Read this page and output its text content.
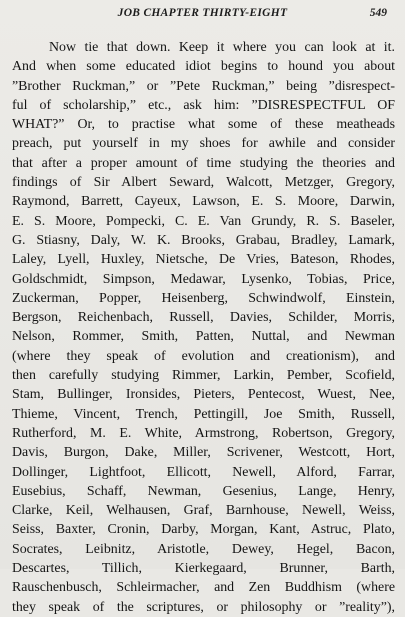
JOB CHAPTER THIRTY-EIGHT	549
Now tie that down. Keep it where you can look at it.
And when some educated idiot begins to hound you about
”Brother Ruckman,” or ”Pete Ruckman,” being ”disrespect-
ful of scholarship,” etc., ask him: ”DISRESPECTFUL OF
WHAT?” Or, to practise what some of these meatheads
preach, put yourself in my shoes for awhile and consider
that after a proper amount of time studying the theories and
findings of Sir Albert Seward, Walcott, Metzger, Gregory,
Raymond, Barrett, Cayeux, Lawson, E. S. Moore, Darwin,
E. S. Moore, Pompecki, C. E. Van Grundy, R. S. Baseler,
G. Stiasny, Daly, W. K. Brooks, Grabau, Bradley, Lamark,
Laley, Lyell, Huxley, Nietsche, De Vries, Bateson, Rhodes,
Goldschmidt, Simpson, Medawar, Lysenko, Tobias, Price,
Zuckerman, Popper, Heisenberg, Schwindwolf, Einstein,
Bergson, Reichenbach, Russell, Davies, Schilder, Morris,
Nelson, Rommer, Smith, Patten, Nuttal, and Newman
(where they speak of evolution and creationism), and
then carefully studying Rimmer, Larkin, Pember, Scofield,
Stam, Bullinger, Ironsides, Pieters, Pentecost, Wuest, Nee,
Thieme, Vincent, Trench, Pettingill, Joe Smith, Russell,
Rutherford, M. E. White, Armstrong, Robertson, Gregory,
Davis, Burgon, Dake, Miller, Scrivener, Westcott, Hort,
Dollinger, Lightfoot, Ellicott, Newell, Alford, Farrar,
Eusebius, Schaff, Newman, Gesenius, Lange, Henry,
Clarke, Keil, Welhausen, Graf, Barnhouse, Newell, Weiss,
Seiss, Baxter, Cronin, Darby, Morgan, Kant, Astruc, Plato,
Socrates, Leibnitz, Aristotle, Dewey, Hegel, Bacon,
Descartes, Tillich, Kierkegaard, Brunner, Barth,
Rauschenbusch, Schleirmacher, and Zen Buddhism (where
they speak of the scriptures, or philosophy or ”reality”),
